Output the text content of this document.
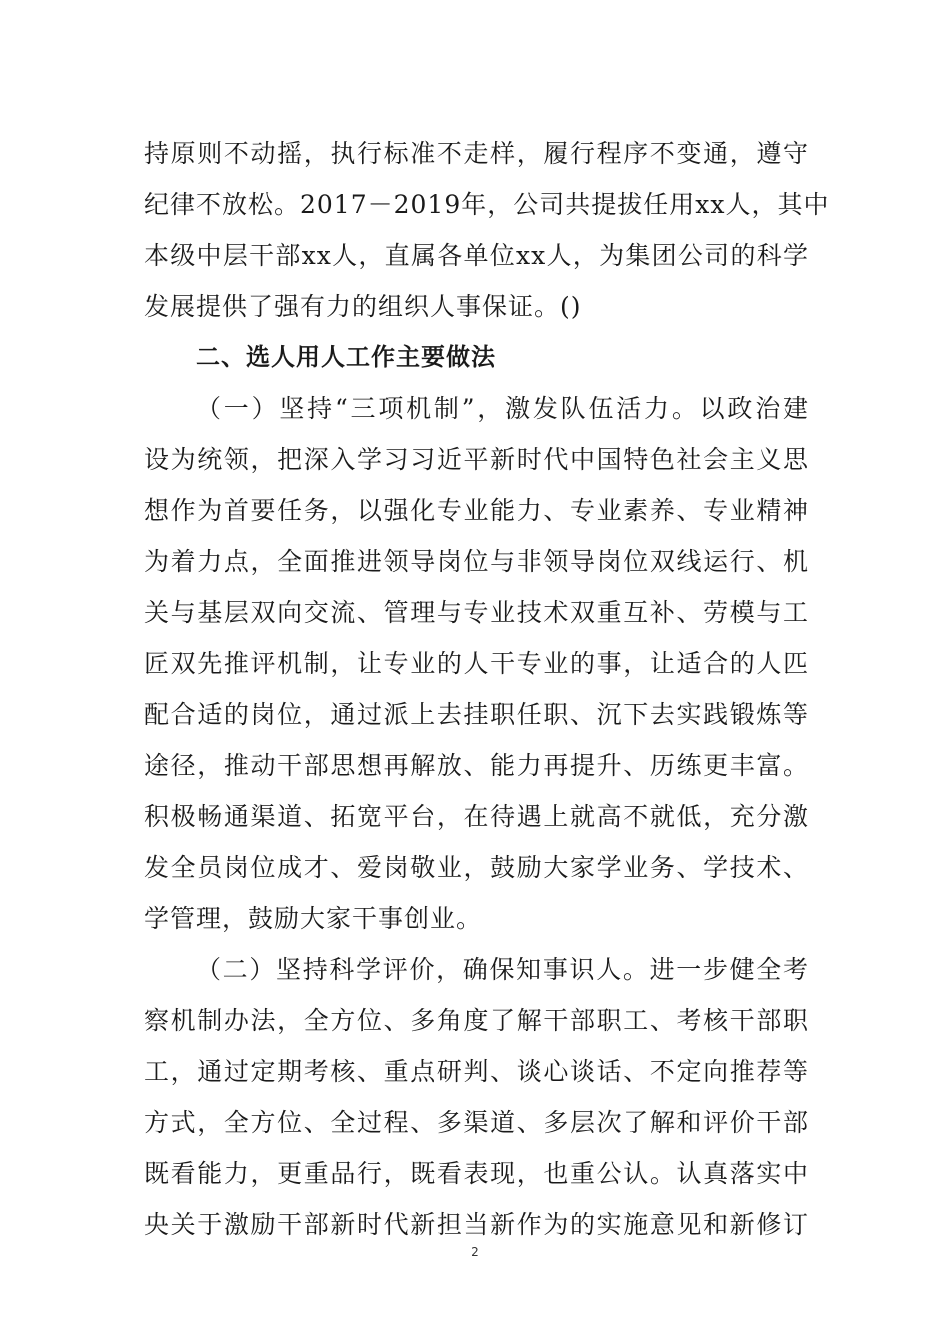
持原则不动摇，执行标准不走样，履行程序不变通，遵守
纪律不放松。2017－2019年，公司共提拔任用xx人，其中
本级中层干部xx人，直属各单位xx人，为集团公司的科学
发展提供了强有力的组织人事保证。()
二、选人用人工作主要做法
（一）坚持“三项机制”，激发队伍活力。以政治建
设为统领，把深入学习习近平新时代中国特色社会主义思
想作为首要任务，以强化专业能力、专业素养、专业精神
为着力点，全面推进领导岗位与非领导岗位双线运行、机
关与基层双向交流、管理与专业技术双重互补、劳模与工
匠双先推评机制，让专业的人干专业的事，让适合的人匹
配合适的岗位，通过派上去挂职任职、沉下去实践锻炼等
途径，推动干部思想再解放、能力再提升、历练更丰富。
积极畅通渠道、拓宽平台，在待遇上就高不就低，充分激
发全员岗位成才、爱岗敬业，鼓励大家学业务、学技术、
学管理，鼓励大家干事创业。
（二）坚持科学评价，确保知事识人。进一步健全考
察机制办法，全方位、多角度了解干部职工、考核干部职
工，通过定期考核、重点研判、谈心谈话、不定向推荐等
方式，全方位、全过程、多渠道、多层次了解和评价干部
既看能力，更重品行，既看表现，也重公认。认真落实中
央关于激励干部新时代新担当新作为的实施意见和新修订
2
